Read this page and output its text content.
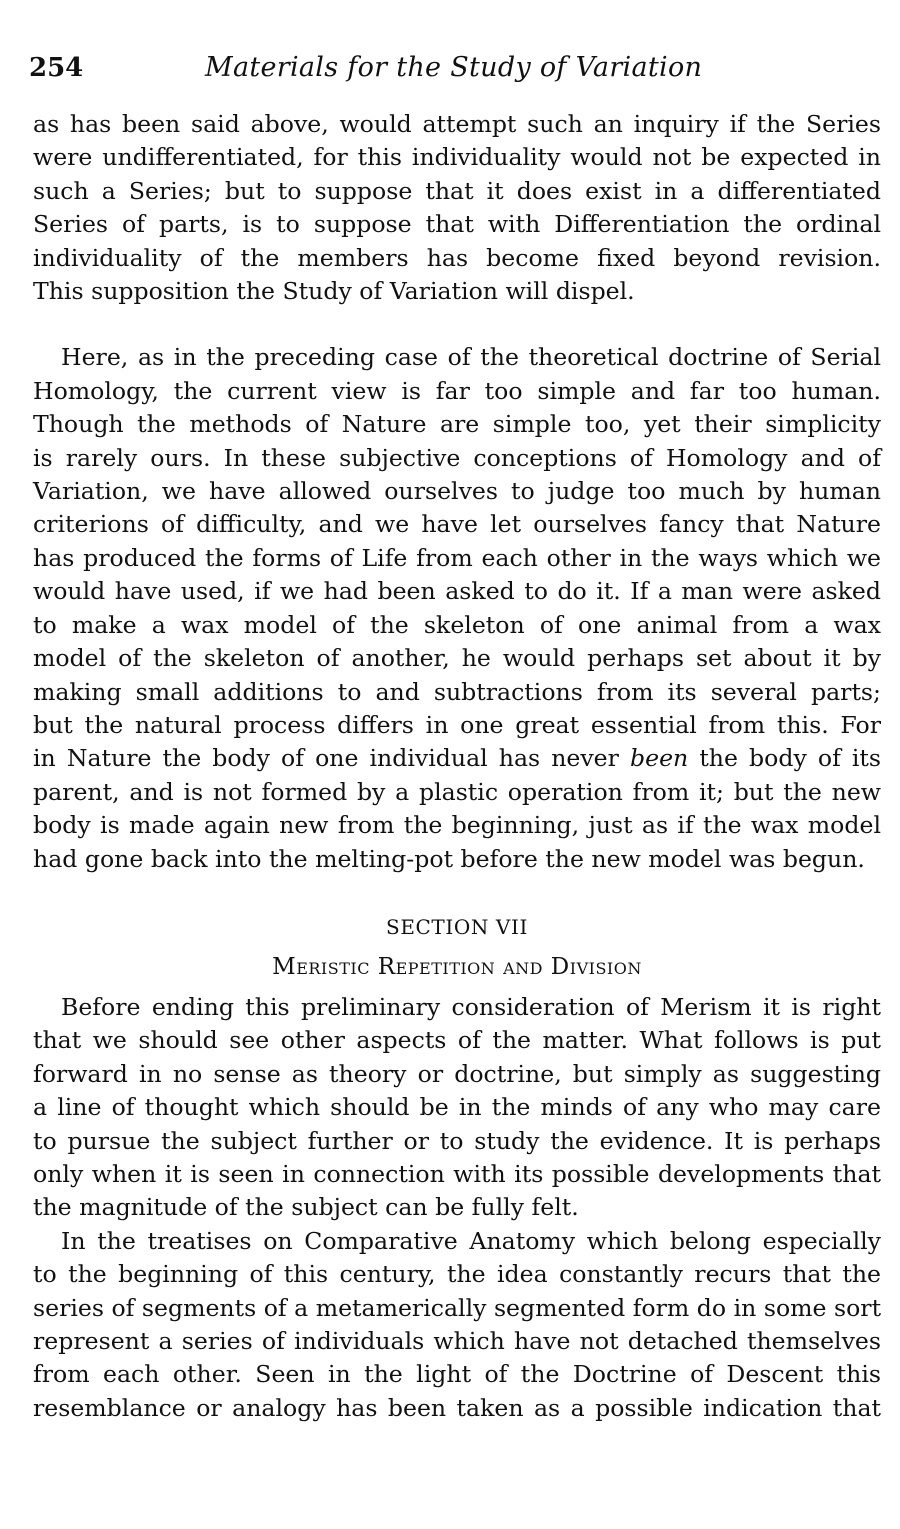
254	Materials for the Study of Variation

as has been said above, would attempt such an inquiry if the Series
were undifferentiated, for this individuality would not be expected in
such a Series; but to suppose that it does exist in a differentiated
Series of parts, is to suppose that with Differentiation the ordinal
individuality of the members has become fixed beyond revision.
This supposition the Study of Variation will dispel.

Here, as in the preceding case of the theoretical doctrine of Serial
Homology, the current view is far too simple and far too human.
Though the methods of Nature are simple too, yet their simplicity
is rarely ours. In these subjective conceptions of Homology and of
Variation, we have allowed ourselves to judge too much by human
criterions of difficulty, and we have let ourselves fancy that Nature
has produced the forms of Life from each other in the ways which we
would have used, if we had been asked to do it. If a man were asked
to make a wax model of the skeleton of one animal from a wax
model of the skeleton of another, he would perhaps set about it by
making small additions to and subtractions from its several parts;
but the natural process differs in one great essential from this. For
in Nature the body of one individual has never been the body of its
parent, and is not formed by a plastic operation from it; but the new
body is made again new from the beginning, just as if the wax model
had gone back into the melting-pot before the new model was begun.

SECTION VII
Meristic Repetition and Division

Before ending this preliminary consideration of Merism it is right
that we should see other aspects of the matter. What follows is put
forward in no sense as theory or doctrine, but simply as suggesting
a line of thought which should be in the minds of any who may care
to pursue the subject further or to study the evidence. It is perhaps
only when it is seen in connection with its possible developments that
the magnitude of the subject can be fully felt.

In the treatises on Comparative Anatomy which belong especially
to the beginning of this century, the idea constantly recurs that the
series of segments of a metamerically segmented form do in some sort
represent a series of individuals which have not detached themselves
from each other. Seen in the light of the Doctrine of Descent this
resemblance or analogy has been taken as a possible indication that
